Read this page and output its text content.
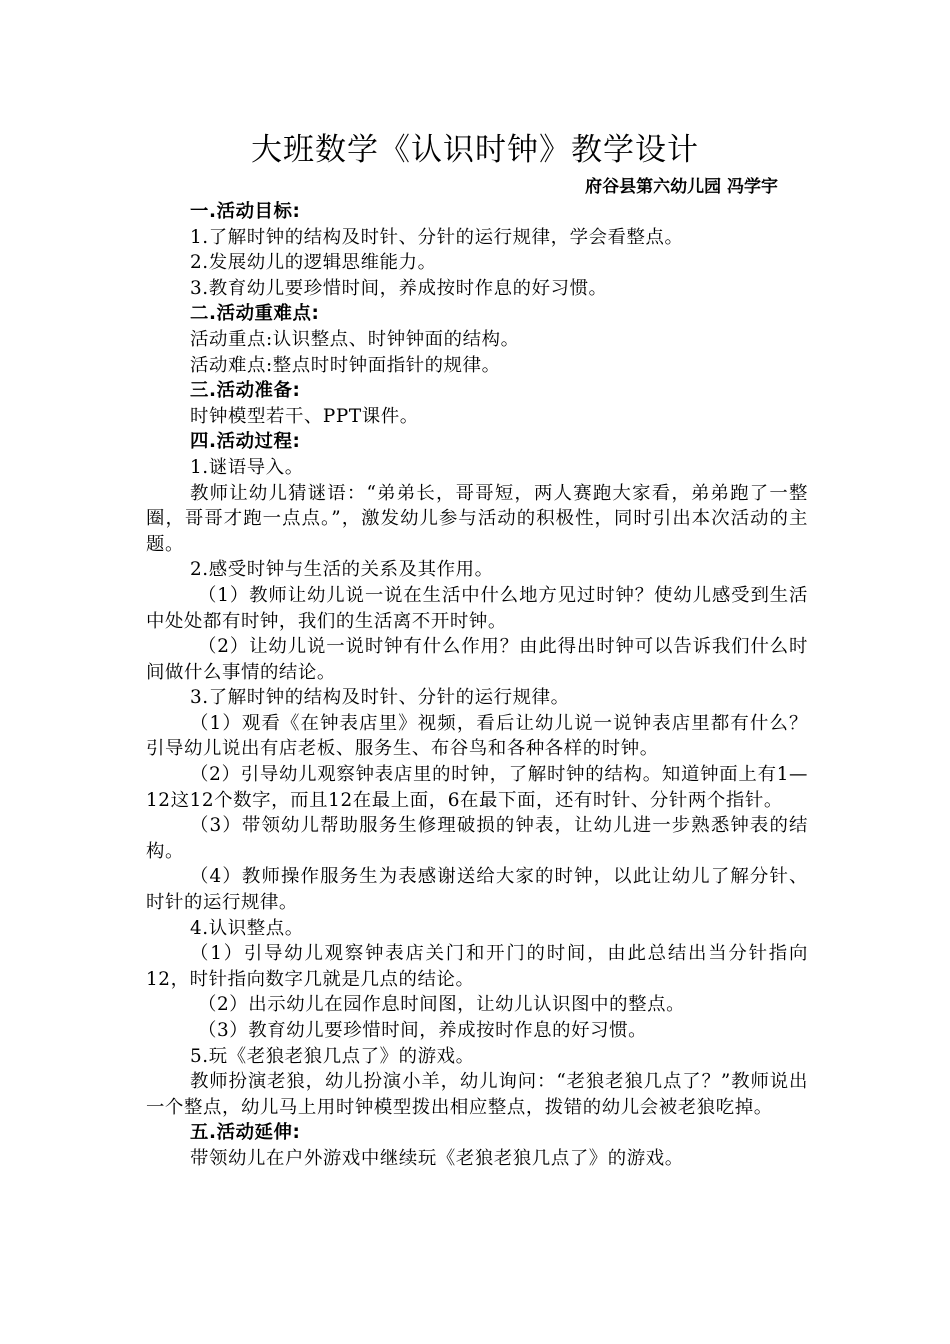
大班数学《认识时钟》教学设计
府谷县第六幼儿园 冯学宇

一.活动目标:

1.了解时钟的结构及时针、分针的运行规律，学会看整点。

2.发展幼儿的逻辑思维能力。

3.教育幼儿要珍惜时间，养成按时作息的好习惯。

二.活动重难点:

活动重点:认识整点、时钟钟面的结构。

活动难点:整点时时钟面指针的规律。

三.活动准备:

时钟模型若干、PPT课件。

四.活动过程:

1.谜语导入。

教师让幼儿猜谜语：“弟弟长，哥哥短，两人赛跑大家看，弟弟跑了一整圈，哥哥才跑一点点。”，激发幼儿参与活动的积极性，同时引出本次活动的主题。

2.感受时钟与生活的关系及其作用。

（1）教师让幼儿说一说在生活中什么地方见过时钟？使幼儿感受到生活中处处都有时钟，我们的生活离不开时钟。

（2）让幼儿说一说时钟有什么作用？由此得出时钟可以告诉我们什么时间做什么事情的结论。

3.了解时钟的结构及时针、分针的运行规律。

（1）观看《在钟表店里》视频，看后让幼儿说一说钟表店里都有什么？引导幼儿说出有店老板、服务生、布谷鸟和各种各样的时钟。

（2）引导幼儿观察钟表店里的时钟，了解时钟的结构。知道钟面上有1—12这12个数字，而且12在最上面，6在最下面，还有时针、分针两个指针。

（3）带领幼儿帮助服务生修理破损的钟表，让幼儿进一步熟悉钟表的结构。

（4）教师操作服务生为表感谢送给大家的时钟，以此让幼儿了解分针、时针的运行规律。

4.认识整点。

（1）引导幼儿观察钟表店关门和开门的时间，由此总结出当分针指向12，时针指向数字几就是几点的结论。

（2）出示幼儿在园作息时间图，让幼儿认识图中的整点。

（3）教育幼儿要珍惜时间，养成按时作息的好习惯。

5.玩《老狼老狼几点了》的游戏。

教师扮演老狼，幼儿扮演小羊，幼儿询问：“老狼老狼几点了？”教师说出一个整点，幼儿马上用时钟模型拨出相应整点，拨错的幼儿会被老狼吃掉。

五.活动延伸:

带领幼儿在户外游戏中继续玩《老狼老狼几点了》的游戏。
